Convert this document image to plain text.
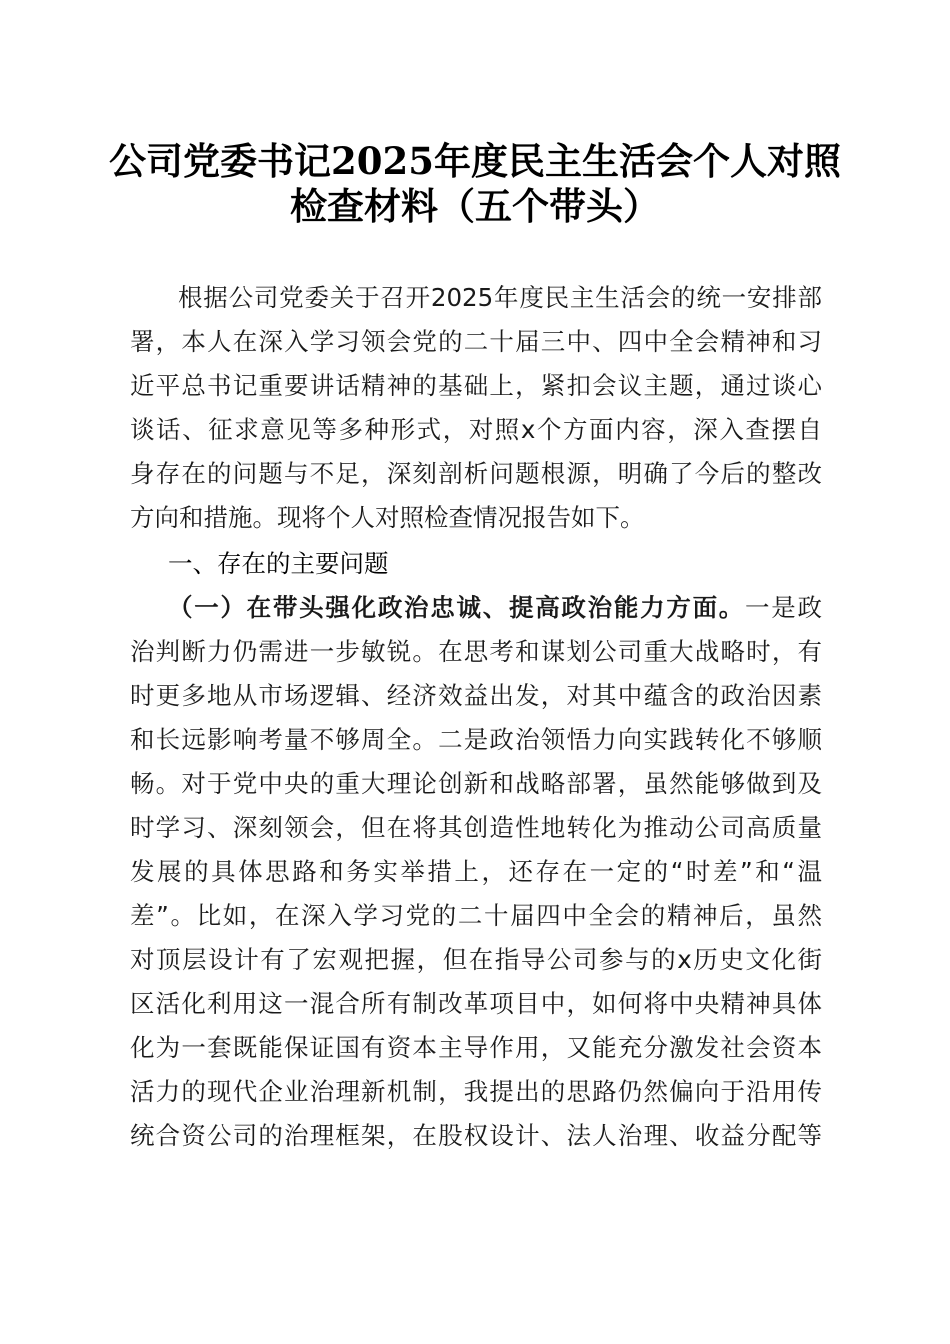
公司党委书记2025年度民主生活会个人对照
检查材料（五个带头）
根据公司党委关于召开2025年度民主生活会的统一安排部
署，本人在深入学习领会党的二十届三中、四中全会精神和习
近平总书记重要讲话精神的基础上，紧扣会议主题，通过谈心
谈话、征求意见等多种形式，对照x个方面内容，深入查摆自
身存在的问题与不足，深刻剖析问题根源，明确了今后的整改
方向和措施。现将个人对照检查情况报告如下。
一、存在的主要问题
（一）在带头强化政治忠诚、提高政治能力方面。一是政
治判断力仍需进一步敏锐。在思考和谋划公司重大战略时，有
时更多地从市场逻辑、经济效益出发，对其中蕴含的政治因素
和长远影响考量不够周全。二是政治领悟力向实践转化不够顺
畅。对于党中央的重大理论创新和战略部署，虽然能够做到及
时学习、深刻领会，但在将其创造性地转化为推动公司高质量
发展的具体思路和务实举措上，还存在一定的“时差”和“温
差”。比如，在深入学习党的二十届四中全会的精神后，虽然
对顶层设计有了宏观把握，但在指导公司参与的x历史文化街
区活化利用这一混合所有制改革项目中，如何将中央精神具体
化为一套既能保证国有资本主导作用，又能充分激发社会资本
活力的现代企业治理新机制，我提出的思路仍然偏向于沿用传
统合资公司的治理框架，在股权设计、法人治理、收益分配等
